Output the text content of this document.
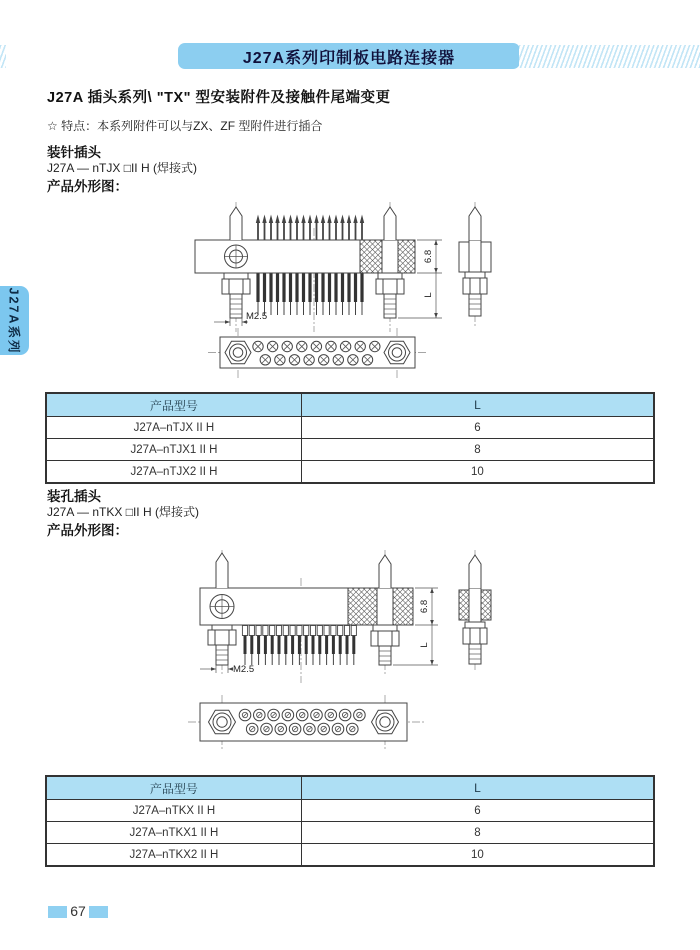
J27A系列印制板电路连接器
J27A系列
J27A 插头系列\ "TX" 型安装附件及接触件尾端变更
☆ 特点：本系列附件可以与ZX、ZF 型附件进行插合
装针插头
J27A — nTJX □II H (焊接式)
产品外形图：
M2.5
6.8
L
产品型号	L
J27A–nTJX II H	6
J27A–nTJX1 II H	8
J27A–nTJX2 II H	10
装孔插头
J27A — nTKX □II H (焊接式)
产品外形图：
M2.5
6.8
L
产品型号	L
J27A–nTKX II H	6
J27A–nTKX1 II H	8
J27A–nTKX2 II H	10
67
